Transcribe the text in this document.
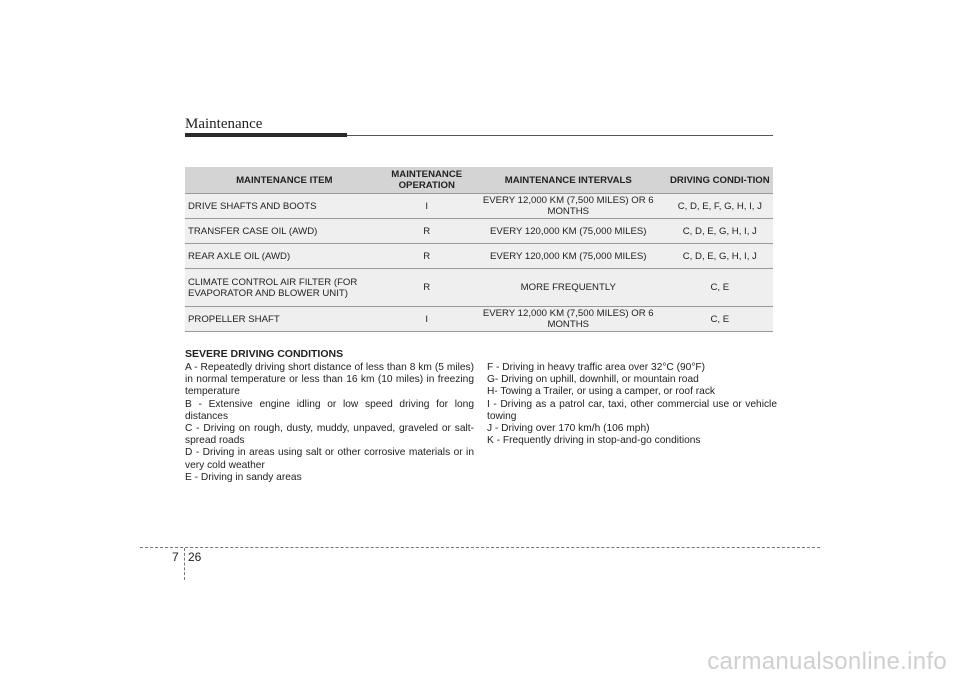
Maintenance
MAINTENANCE ITEM	MAINTENANCE OPERATION	MAINTENANCE INTERVALS	DRIVING CONDI-TION
DRIVE SHAFTS AND BOOTS	I	EVERY 12,000 KM (7,500 MILES) OR 6 MONTHS	C, D, E, F, G, H, I, J
TRANSFER CASE OIL (AWD)	R	EVERY 120,000 KM (75,000 MILES)	C, D, E, G, H, I, J
REAR AXLE OIL (AWD)	R	EVERY 120,000 KM (75,000 MILES)	C, D, E, G, H, I, J
CLIMATE CONTROL AIR FILTER (FOR EVAPORATOR AND BLOWER UNIT)	R	MORE FREQUENTLY	C, E
PROPELLER SHAFT	I	EVERY 12,000 KM (7,500 MILES) OR 6 MONTHS	C, E
SEVERE DRIVING CONDITIONS
A - Repeatedly driving short distance of less than 8 km (5 miles) in normal temperature or less than 16 km (10 miles) in freezing temperature
B - Extensive engine idling or low speed driving for long distances
C - Driving on rough, dusty, muddy, unpaved, graveled or salt-spread roads
D - Driving in areas using salt or other corrosive materials or in very cold weather
E - Driving in sandy areas
F - Driving in heavy traffic area over 32°C (90°F)
G- Driving on uphill, downhill, or mountain road
H- Towing a Trailer, or using a camper, or roof rack
I - Driving as a patrol car, taxi, other commercial use or vehicle towing
J - Driving over 170 km/h (106 mph)
K - Frequently driving in stop-and-go conditions
7 26
carmanualsonline.info
